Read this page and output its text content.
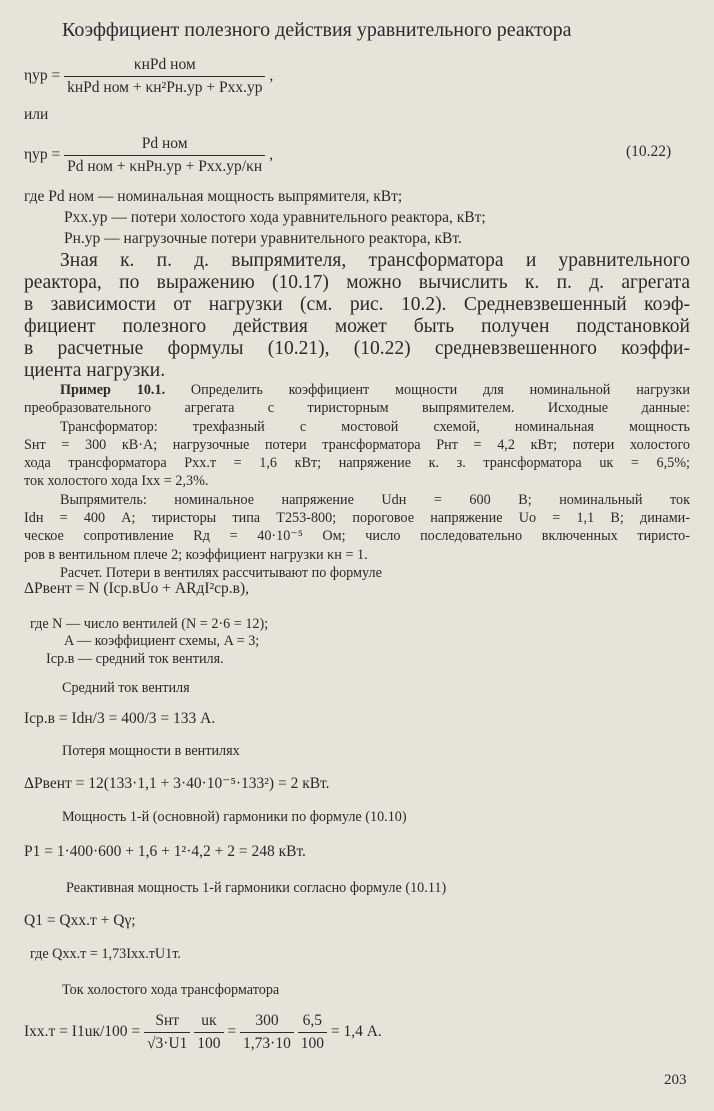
Коэффициент полезного действия уравнительного реактора
$\eta ур = \frac{\text{κнPd ном}}{\text{kнPd ном + κн²Pн.ур + Pxx.ур}}$ ,
или
$\eta ур = \frac{\text{Pd ном}}{\text{Pd ном + κнPн.ур + Pxx.ур/κн}}$ ,	(10.22)
где Pd ном — номинальная мощность выпрямителя, кВт;
Pxx.ур — потери холостого хода уравнительного реактора, кВт;
Pн.ур — нагрузочные потери уравнительного реактора, кВт.
Зная к. п. д. выпрямителя, трансформатора и уравнительного
реактора, по выражению (10.17) можно вычислить к. п. д. агрегата
в зависимости от нагрузки (см. рис. 10.2). Средневзвешенный коэф-
фициент полезного действия может быть получен подстановкой
в расчетные формулы (10.21), (10.22) средневзвешенного коэффи-
циента нагрузки.
Пример 10.1. Определить коэффициент мощности для номинальной нагрузки
преобразовательного агрегата с тиристорным выпрямителем. Исходные данные:
Трансформатор: трехфазный с мостовой схемой, номинальная мощность
Sнт = 300 кВ·А; нагрузочные потери трансформатора Pнт = 4,2 кВт; потери холостого
хода трансформатора Pxx.т = 1,6 кВт; напряжение к. з. трансформатора uк = 6,5%;
ток холостого хода Ixx = 2,3%.
Выпрямитель: номинальное напряжение Udн = 600 В; номинальный ток
Idн = 400 А; тиристоры типа Т253-800; пороговое напряжение Uо = 1,1 В; динами-
ческое сопротивление Rд = 40·10⁻⁵ Ом; число последовательно включенных тиристо-
ров в вентильном плече 2; коэффициент нагрузки κн = 1.
Расчет. Потери в вентилях рассчитывают по формуле
ΔPвент = N (Iср.вUо + ARдI²ср.в),
где N — число вентилей (N = 2·6 = 12);
A — коэффициент схемы, A = 3;
Iср.в — средний ток вентиля.
Средний ток вентиля
Iср.в = Idн/3 = 400/3 = 133 А.
Потеря мощности в вентилях
ΔPвент = 12(133·1,1 + 3·40·10⁻⁵·133²) = 2 кВт.
Мощность 1-й (основной) гармоники по формуле (10.10)
P1 = 1·400·600 + 1,6 + 1²·4,2 + 2 = 248 кВт.
Реактивная мощность 1-й гармоники согласно формуле (10.11)
Q1 = Qxx.т + Qγ;
где Qxx.т = 1,73Ixx.тU1т.
Ток холостого хода трансформатора
$Ixx.т = I1uк/100 = \frac{\text{Sнт}}{√3\cdot U1}$
$\frac{uк}{100} = \frac{300}{1,73\cdot 10}$
$\frac{6,5}{100} = 1,4$ А.
203
